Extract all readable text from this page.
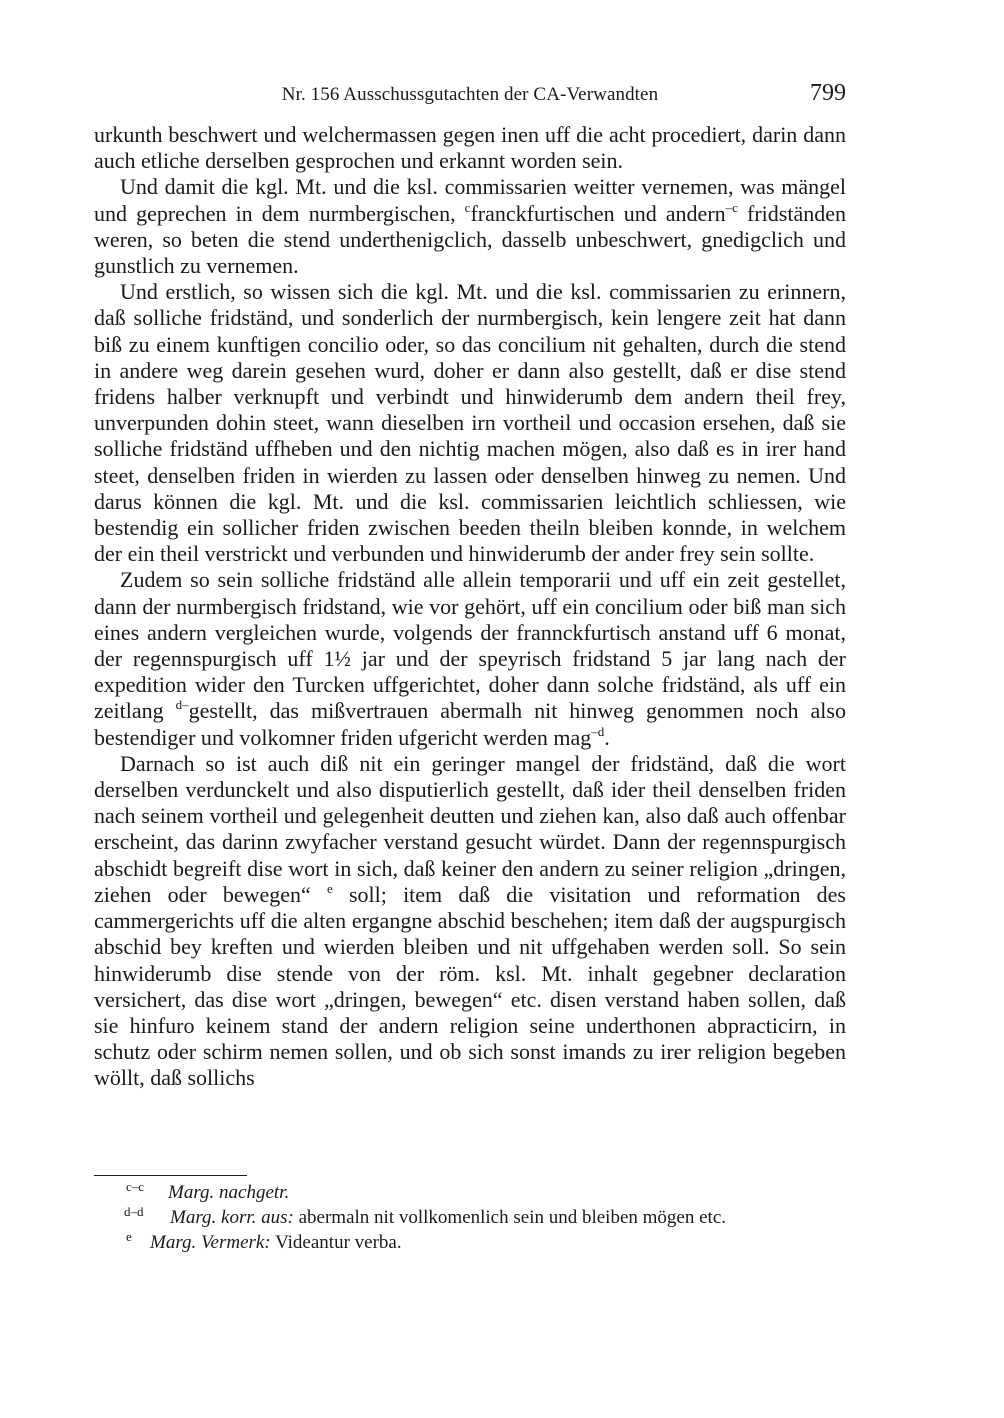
Nr. 156 Ausschussgutachten der CA-Verwandten	799

urkunth beschwert und welchermassen gegen inen uff die acht procediert, darin dann auch etliche derselben gesprochen und erkannt worden sein.

Und damit die kgl. Mt. und die ksl. commissarien weitter vernemen, was mängel und geprechen in dem nurmbergischen, $^c$franckfurtischen und andern$^{-c}$ fridständen weren, so beten die stend underthenigclich, dasselb unbeschwert, gnedigclich und gunstlich zu vernemen.

Und erstlich, so wissen sich die kgl. Mt. und die ksl. commissarien zu erinnern, daß solliche fridständ, und sonderlich der nurmbergisch, kein lengere zeit hat dann biß zu einem kunftigen concilio oder, so das concilium nit gehalten, durch die stend in andere weg darein gesehen wurd, doher er dann also gestellt, daß er dise stend fridens halber verknupft und verbindt und hinwiderumb dem andern theil frey, unverpunden dohin steet, wann dieselben irn vortheil und occasion ersehen, daß sie solliche fridständ uffheben und den nichtig machen mögen, also daß es in irer hand steet, denselben friden in wierden zu lassen oder denselben hinweg zu nemen. Und darus können die kgl. Mt. und die ksl. commissarien leichtlich schliessen, wie bestendig ein sollicher friden zwischen beeden theiln bleiben konnde, in welchem der ein theil verstrickt und verbunden und hinwiderumb der ander frey sein sollte.

Zudem so sein solliche fridständ alle allein temporarii und uff ein zeit gestellet, dann der nurmbergisch fridstand, wie vor gehört, uff ein concilium oder biß man sich eines andern vergleichen wurde, volgends der frannckfurtisch anstand uff 6 monat, der regennspurgisch uff 1½ jar und der speyrisch fridstand 5 jar lang nach der expedition wider den Turcken uffgerichtet, doher dann solche fridständ, als uff ein zeitlang $^{d-}$gestellt, das mißvertrauen abermalh nit hinweg genommen noch also bestendiger und volkomner friden ufgericht werden mag$^{-d}$.

Darnach so ist auch diß nit ein geringer mangel der fridständ, daß die wort derselben verdunckelt und also disputierlich gestellt, daß ider theil denselben friden nach seinem vortheil und gelegenheit deutten und ziehen kan, also daß auch offenbar erscheint, das darinn zwyfacher verstand gesucht würdet. Dann der regennspurgisch abschidt begreift dise wort in sich, daß keiner den andern zu seiner religion „dringen, ziehen oder bewegen“ $^e$ soll; item daß die visitation und reformation des cammergerichts uff die alten ergangne abschid beschehen; item daß der augspurgisch abschid bey kreften und wierden bleiben und nit uffgehaben werden soll. So sein hinwiderumb dise stende von der röm. ksl. Mt. inhalt gegebner declaration versichert, das dise wort „dringen, bewegen“ etc. disen verstand haben sollen, daß sie hinfuro keinem stand der andern religion seine underthonen abpracticirn, in schutz oder schirm nemen sollen, und ob sich sonst imands zu irer religion begeben wöllt, daß sollichs

c–c Marg. nachgetr.
d–d Marg. korr. aus: abermaln nit vollkomenlich sein und bleiben mögen etc.
e Marg. Vermerk: Videantur verba.
